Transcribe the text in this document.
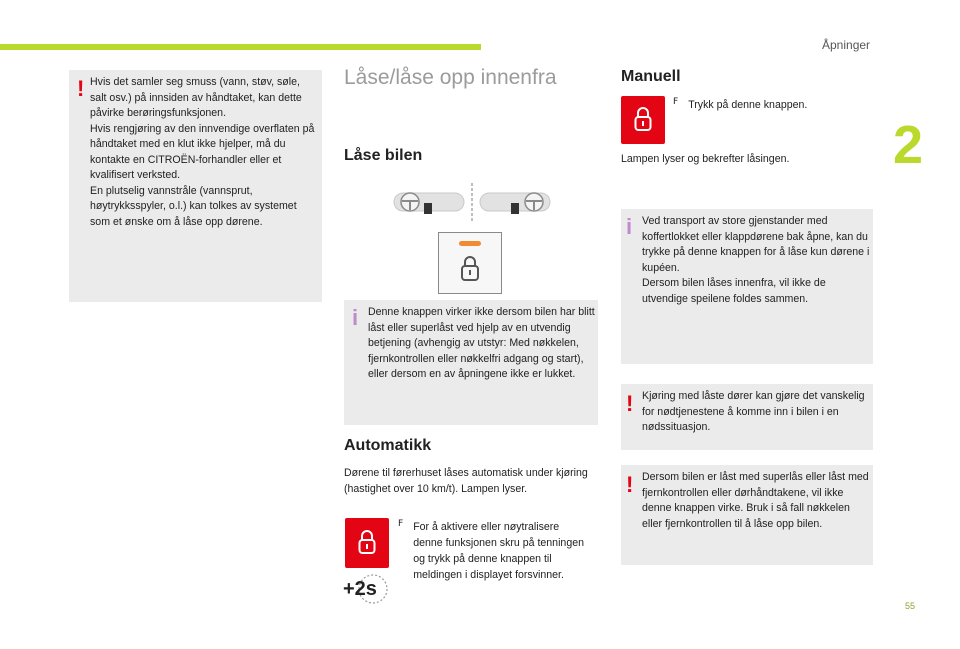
Åpninger
2
55
! Hvis det samler seg smuss (vann, støv, søle, salt osv.) på innsiden av håndtaket, kan dette påvirke berøringsfunksjonen.
Hvis rengjøring av den innvendige overflaten på håndtaket med en klut ikke hjelper, må du kontakte en CITROËN-forhandler eller et kvalifisert verksted.
En plutselig vannstråle (vannsprut, høytrykksspyler, o.l.) kan tolkes av systemet som et ønske om å låse opp dørene.

Låse/låse opp innenfra
Låse bilen
i Denne knappen virker ikke dersom bilen har blitt låst eller superlåst ved hjelp av en utvendig betjening (avhengig av utstyr: Med nøkkelen, fjernkontrollen eller nøkkelfri adgang og start), eller dersom en av åpningene ikke er lukket.

Automatikk

Dørene til førerhuset låses automatisk under kjøring (hastighet over 10 km/t). Lampen lyser.

+2s
F For å aktivere eller nøytralisere denne funksjonen skru på tenningen og trykk på denne knappen til meldingen i displayet forsvinner.

Manuell
F Trykk på denne knappen.

Lampen lyser og bekrefter låsingen.

i Ved transport av store gjenstander med koffertlokket eller klappdørene bak åpne, kan du trykke på denne knappen for å låse kun dørene i kupéen.
Dersom bilen låses innenfra, vil ikke de utvendige speilene foldes sammen.

! Kjøring med låste dører kan gjøre det vanskelig for nødtjenestene å komme inn i bilen i en nødssituasjon.

! Dersom bilen er låst med superlås eller låst med fjernkontrollen eller dørhåndtakene, vil ikke denne knappen virke. Bruk i så fall nøkkelen eller fjernkontrollen til å låse opp bilen.
